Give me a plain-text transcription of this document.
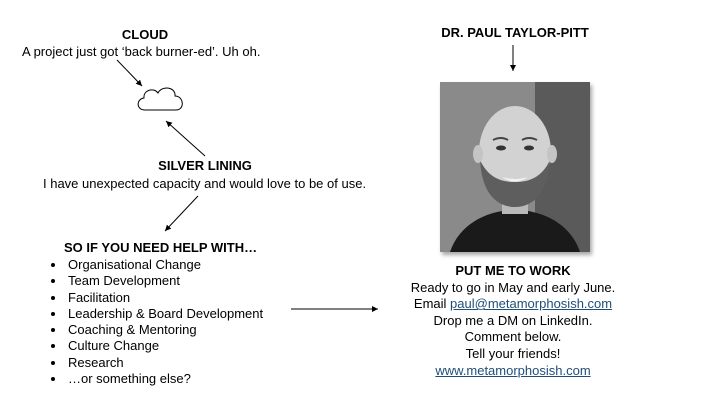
CLOUD
A project just got ‘back burner-ed’. Uh oh.
SILVER LINING
I have unexpected capacity and would love to be of use.
SO IF YOU NEED HELP WITH…
• Organisational Change
• Team Development
• Facilitation
• Leadership & Board Development
• Coaching & Mentoring
• Culture Change
• Research
• …or something else?
DR. PAUL TAYLOR-PITT
PUT ME TO WORK
Ready to go in May and early June.
Email paul@metamorphosish.com
Drop me a DM on LinkedIn.
Comment below.
Tell your friends!
www.metamorphosish.com
